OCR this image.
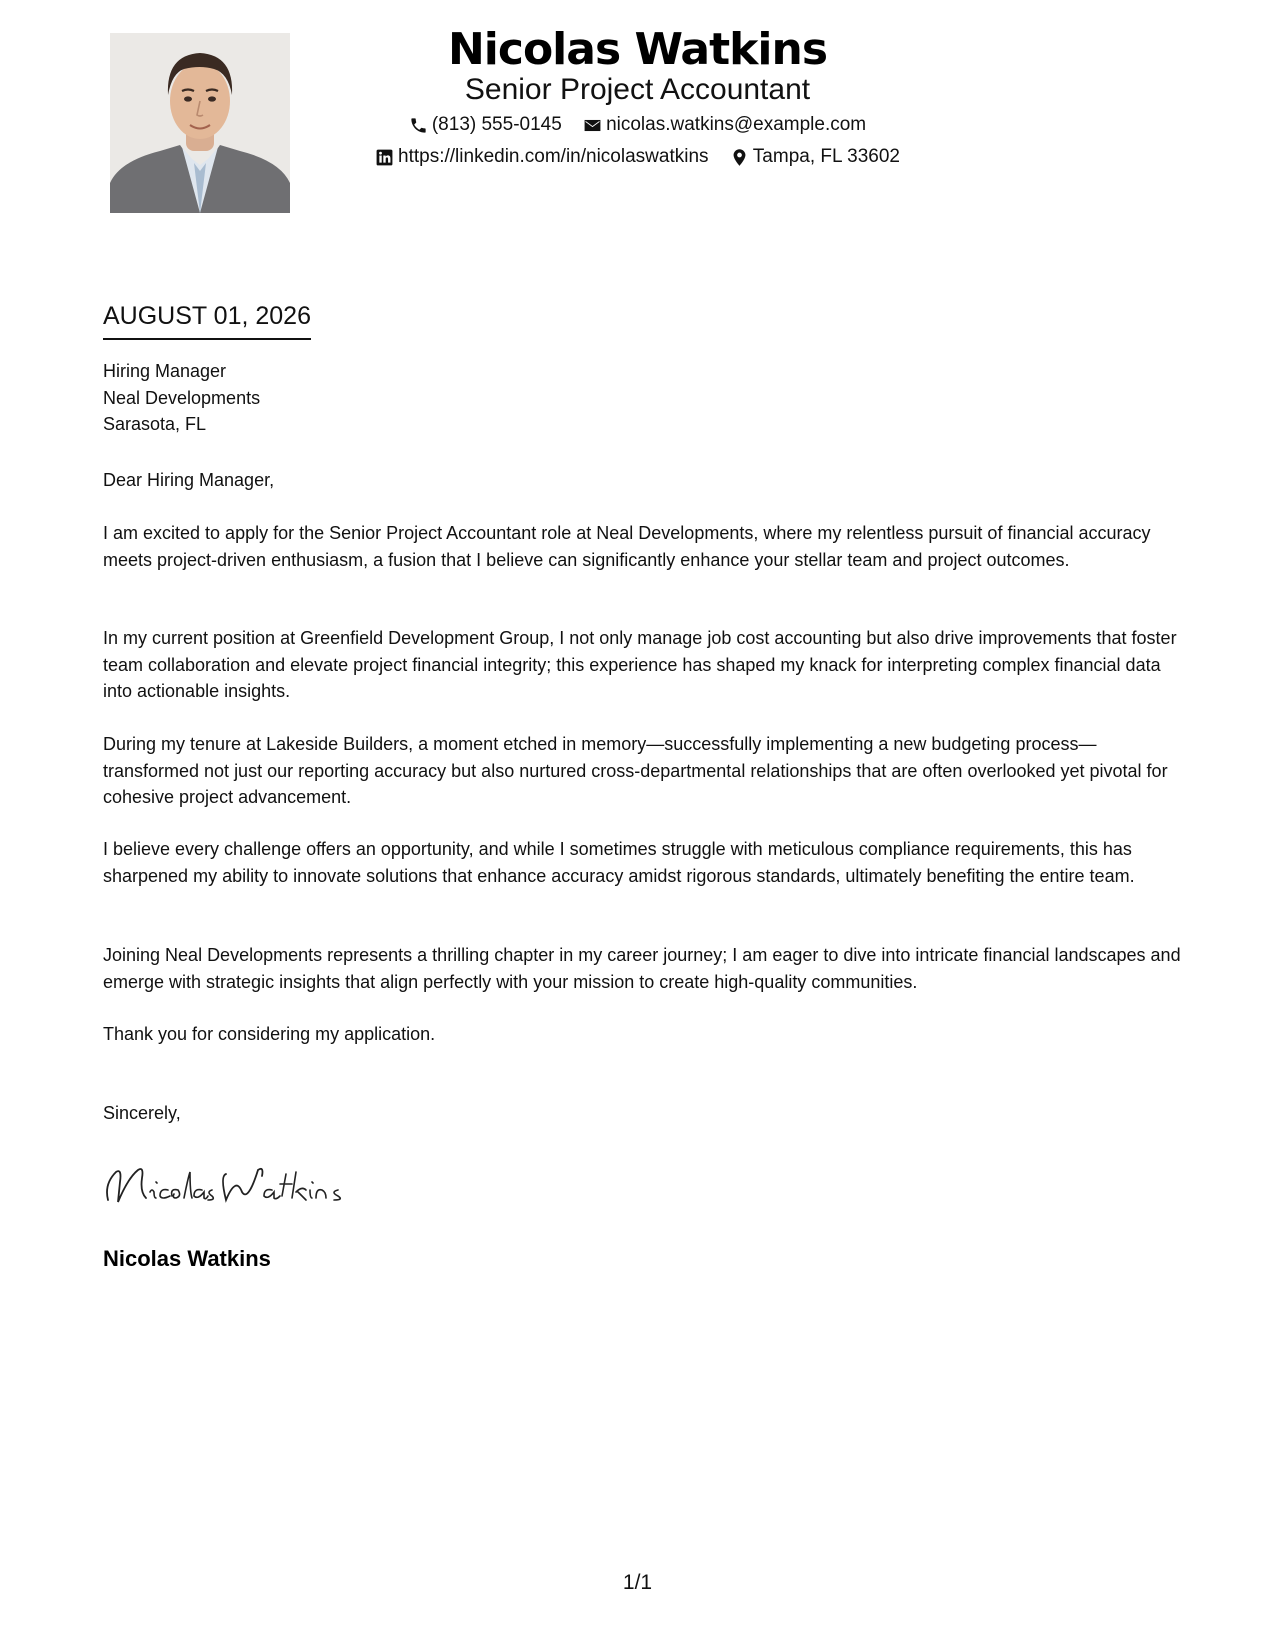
Nicolas Watkins
Senior Project Accountant
(813) 555-0145
nicolas.watkins@example.com
https://linkedin.com/in/nicolaswatkins
Tampa, FL 33602
AUGUST 01, 2026
Hiring Manager
Neal Developments
Sarasota, FL
Dear Hiring Manager,
I am excited to apply for the Senior Project Accountant role at Neal Developments, where my relentless pursuit of financial accuracy meets project-driven enthusiasm, a fusion that I believe can significantly enhance your stellar team and project outcomes.
In my current position at Greenfield Development Group, I not only manage job cost accounting but also drive improvements that foster team collaboration and elevate project financial integrity; this experience has shaped my knack for interpreting complex financial data into actionable insights.
During my tenure at Lakeside Builders, a moment etched in memory—successfully implementing a new budgeting process—transformed not just our reporting accuracy but also nurtured cross-departmental relationships that are often overlooked yet pivotal for cohesive project advancement.
I believe every challenge offers an opportunity, and while I sometimes struggle with meticulous compliance requirements, this has sharpened my ability to innovate solutions that enhance accuracy amidst rigorous standards, ultimately benefiting the entire team.
Joining Neal Developments represents a thrilling chapter in my career journey; I am eager to dive into intricate financial landscapes and emerge with strategic insights that align perfectly with your mission to create high-quality communities.
Thank you for considering my application.
Sincerely,
Nicolas Watkins
1/1
